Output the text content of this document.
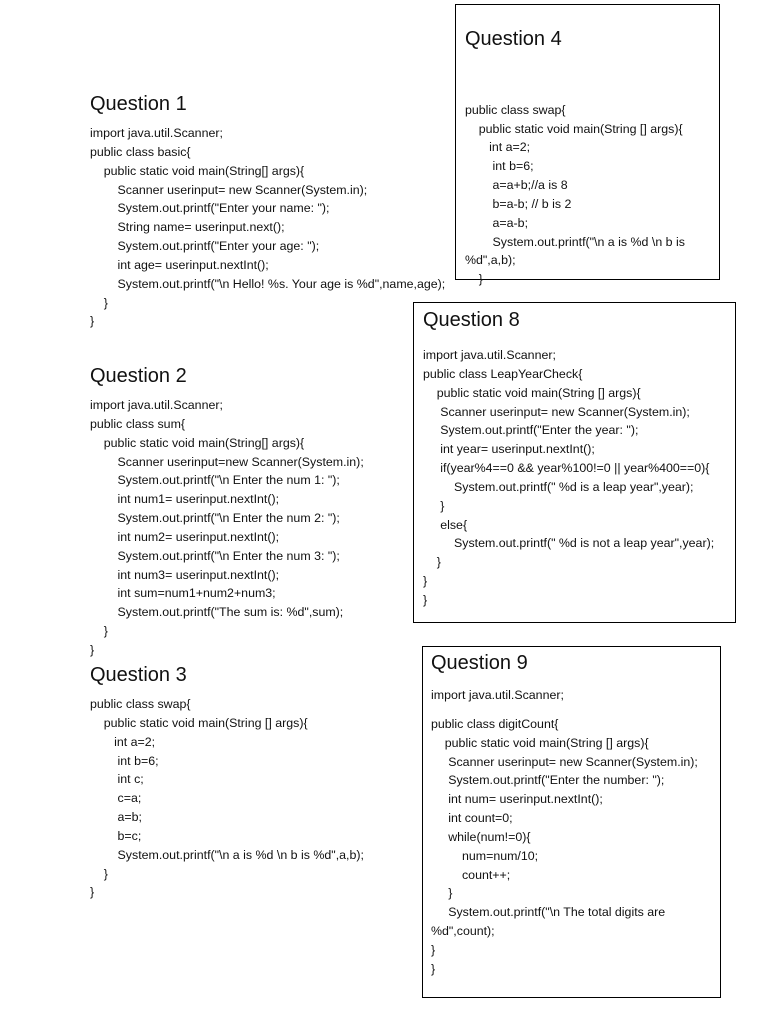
Question 1
import java.util.Scanner;
public class basic{
public static void main(String[] args){
Scanner userinput= new Scanner(System.in);
System.out.printf("Enter your name: ");
String name= userinput.next();
System.out.printf("Enter your age: ");
int age= userinput.nextInt();
System.out.printf("\n Hello! %s. Your age is %d",name,age);
}
}
Question 2
import java.util.Scanner;
public class sum{
public static void main(String[] args){
Scanner userinput=new Scanner(System.in);
System.out.printf("\n Enter the num 1: ");
int num1= userinput.nextInt();
System.out.printf("\n Enter the num 2: ");
int num2= userinput.nextInt();
System.out.printf("\n Enter the num 3: ");
int num3= userinput.nextInt();
int sum=num1+num2+num3;
System.out.printf("The sum is: %d",sum);
}
}
Question 3
public class swap{
public static void main(String [] args){
int a=2;
int b=6;
int c;
c=a;
a=b;
b=c;
System.out.printf("\n a is %d \n b is %d",a,b);
}
}
Question 4

public class swap{
public static void main(String [] args){
int a=2;
int b=6;
a=a+b;//a is 8
b=a-b; // b is 2
a=a-b;
System.out.printf("\n a is %d \n b is
%d",a,b);
}

Question 8
import java.util.Scanner;
public class LeapYearCheck{
public static void main(String [] args){
Scanner userinput= new Scanner(System.in);
System.out.printf("Enter the year: ");
int year= userinput.nextInt();
if(year%4==0 && year%100!=0 || year%400==0){
System.out.printf(" %d is a leap year",year);
}
else{
System.out.printf(" %d is not a leap year",year);
}
}
}
Question 9
import java.util.Scanner;
public class digitCount{
public static void main(String [] args){
Scanner userinput= new Scanner(System.in);
System.out.printf("Enter the number: ");
int num= userinput.nextInt();
int count=0;
while(num!=0){
num=num/10;
count++;
}
System.out.printf("\n The total digits are
%d",count);
}
}
